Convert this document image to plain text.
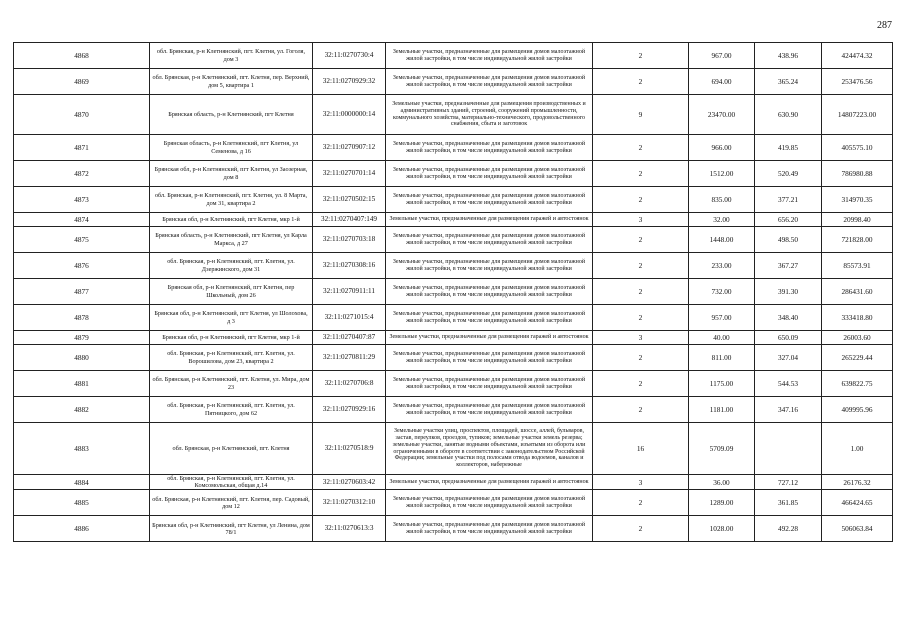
287
4868	обл. Брянская, р-н Клетнянский, пгт. Клетня, ул. Гоголя, дом 3	32:11:0270730:4	Земельные участки, предназначенные для размещения домов малоэтажной жилой застройки, в том числе индивидуальной жилой застройки	2	967.00	438.96	424474.32
4869	обл. Брянская, р-н Клетнянский, пгт. Клетня, пер. Верхний, дом 5, квартира 1	32:11:0270929:32	Земельные участки, предназначенные для размещения домов малоэтажной жилой застройки, в том числе индивидуальной жилой застройки	2	694.00	365.24	253476.56
4870	Брянская область, р-н Клетнянский, пгт Клетня	32:11:0000000:14	Земельные участки, предназначенные для размещения производственных и административных зданий, строений, сооружений промышленности, коммунального хозяйства, материально-технического, продовольственного снабжения, сбыта и заготовок	9	23470.00	630.90	14807223.00
4871	Брянская область, р-н Клетнянский, пгт Клетня, ул Семенова, д 16	32:11:0270907:12	Земельные участки, предназначенные для размещения домов малоэтажной жилой застройки, в том числе индивидуальной жилой застройки	2	966.00	419.85	405575.10
4872	Брянская обл, р-н Клетнянский, пгт Клетня, ул Заозерная, дом 8	32:11:0270701:14	Земельные участки, предназначенные для размещения домов малоэтажной жилой застройки, в том числе индивидуальной жилой застройки	2	1512.00	520.49	786980.88
4873	обл. Брянская, р-н Клетнянский, пгт. Клетня, ул. 8 Марта, дом 31, квартира 2	32:11:0270502:15	Земельные участки, предназначенные для размещения домов малоэтажной жилой застройки, в том числе индивидуальной жилой застройки	2	835.00	377.21	314970.35
4874	Брянская обл, р-н Клетнянский, пгт Клетня, мкр 1-й	32:11:0270407:149	Земельные участки, предназначенные для размещения гаражей и автостоянок	3	32.00	656.20	20998.40
4875	Брянская область, р-н Клетнянский, пгт Клетня, ул Карла Маркса, д 27	32:11:0270703:18	Земельные участки, предназначенные для размещения домов малоэтажной жилой застройки, в том числе индивидуальной жилой застройки	2	1448.00	498.50	721828.00
4876	обл. Брянская, р-н Клетнянский, пгт. Клетня, ул. Дзержинского, дом 31	32:11:0270308:16	Земельные участки, предназначенные для размещения домов малоэтажной жилой застройки, в том числе индивидуальной жилой застройки	2	233.00	367.27	85573.91
4877	Брянская обл, р-н Клетнянский, пгт Клетня, пер Школьный, дом 26	32:11:0270911:11	Земельные участки, предназначенные для размещения домов малоэтажной жилой застройки, в том числе индивидуальной жилой застройки	2	732.00	391.30	286431.60
4878	Брянская обл, р-н Клетнянский, пгт Клетня, ул Шолохова, д 3	32:11:0271015:4	Земельные участки, предназначенные для размещения домов малоэтажной жилой застройки, в том числе индивидуальной жилой застройки	2	957.00	348.40	333418.80
4879	Брянская обл, р-н Клетнянский, пгт Клетня, мкр 1-й	32:11:0270407:87	Земельные участки, предназначенные для размещения гаражей и автостоянок	3	40.00	650.09	26003.60
4880	обл. Брянская, р-н Клетнянский, пгт. Клетня, ул. Ворошилова, дом 23, квартира 2	32:11:0270811:29	Земельные участки, предназначенные для размещения домов малоэтажной жилой застройки, в том числе индивидуальной жилой застройки	2	811.00	327.04	265229.44
4881	обл. Брянская, р-н Клетнянский, пгт. Клетня, ул. Мира, дом 23	32:11:0270706:8	Земельные участки, предназначенные для размещения домов малоэтажной жилой застройки, в том числе индивидуальной жилой застройки	2	1175.00	544.53	639822.75
4882	обл. Брянская, р-н Клетнянский, пгт. Клетня, ул. Пятницкого, дом 62	32:11:0270929:16	Земельные участки, предназначенные для размещения домов малоэтажной жилой застройки, в том числе индивидуальной жилой застройки	2	1181.00	347.16	409995.96
4883	обл. Брянская, р-н Клетнянский, пгт. Клетня	32:11:0270518:9	Земельные участки улиц, проспектов, площадей, шоссе, аллей, бульваров, застав, переулков, проездов, тупиков; земельные участки земель резерва; земельные участки, занятые водными объектами, изъятыми из оборота или ограниченными в обороте в соответствии с законодательством Российской Федерации; земельные участки под полосами отвода водоемов, каналов и коллекторов, набережные	16	5709.09		1.00
4884	обл. Брянская, р-н Клетнянский, пгт. Клетня, ул. Комсомольская, общая д.14	32:11:0270603:42	Земельные участки, предназначенные для размещения гаражей и автостоянок	3	36.00	727.12	26176.32
4885	обл. Брянская, р-н Клетнянский, пгт. Клетня, пер. Садовый, дом 12	32:11:0270312:10	Земельные участки, предназначенные для размещения домов малоэтажной жилой застройки, в том числе индивидуальной жилой застройки	2	1289.00	361.85	466424.65
4886	Брянская обл, р-н Клетнянский, пгт Клетня, ул Ленина, дом 78/1	32:11:0270613:3	Земельные участки, предназначенные для размещения домов малоэтажной жилой застройки, в том числе индивидуальной жилой застройки	2	1028.00	492.28	506063.84
